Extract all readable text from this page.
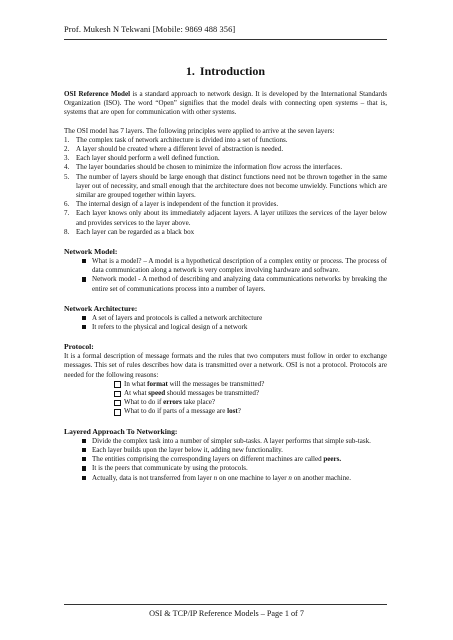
Prof. Mukesh N Tekwani [Mobile: 9869 488 356]
1. Introduction

OSI Reference Model is a standard approach to network design. It is developed by the International Standards Organization (ISO). The word “Open” signifies that the model deals with connecting open systems – that is, systems that are open for communication with other systems.

The OSI model has 7 layers. The following principles were applied to arrive at the seven layers:

1. The complex task of network architecture is divided into a set of functions.
2. A layer should be created where a different level of abstraction is needed.
3. Each layer should perform a well defined function.
4. The layer boundaries should be chosen to minimize the information flow across the interfaces.
5. The number of layers should be large enough that distinct functions need not be thrown together in the same layer out of necessity, and small enough that the architecture does not become unwieldy. Functions which are similar are grouped together within layers.
6. The internal design of a layer is independent of the function it provides.
7. Each layer knows only about its immediately adjacent layers. A layer utilizes the services of the layer below and provides services to the layer above.
8. Each layer can be regarded as a black box
Network Model:
What is a model? – A model is a hypothetical description of a complex entity or process. The process of data communication along a network is very complex involving hardware and software.
Network model - A method of describing and analyzing data communications networks by breaking the entire set of communications process into a number of layers.
Network Architecture:
A set of layers and protocols is called a network architecture
It refers to the physical and logical design of a network
Protocol:

It is a formal description of message formats and the rules that two computers must follow in order to exchange messages. This set of rules describes how data is transmitted over a network. OSI is not a protocol. Protocols are needed for the following reasons:

In what format will the messages be transmitted?
At what speed should messages be transmitted?
What to do if errors take place?
What to do if parts of a message are lost?
Layered Approach To Networking:
Divide the complex task into a number of simpler sub-tasks. A layer performs that simple sub-task.
Each layer builds upon the layer below it, adding new functionality.
The entities comprising the corresponding layers on different machines are called peers.
It is the peers that communicate by using the protocols.
Actually, data is not transferred from layer n on one machine to layer n on another machine.
OSI & TCP/IP Reference Models – Page 1 of 7
